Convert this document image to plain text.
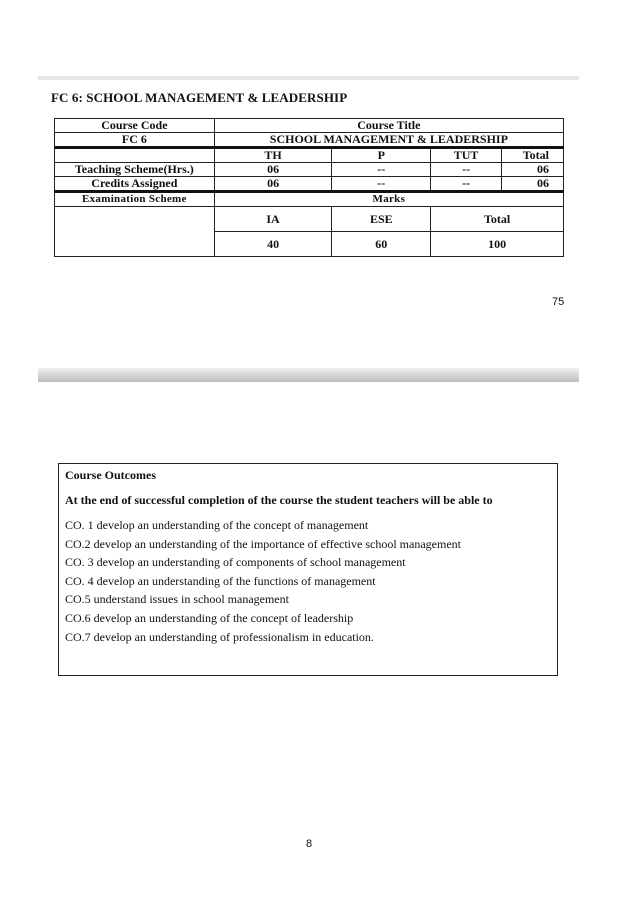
FC 6: SCHOOL MANAGEMENT & LEADERSHIP
Course Code	Course Title			
FC 6	SCHOOL MANAGEMENT & LEADERSHIP			
	TH	P	TUT	Total
Teaching Scheme(Hrs.)	06	--	--	06
Credits Assigned	06	--	--	06
Examination Scheme	Marks			
	IA	ESE	Total	
	40	60	100	
75
Course Outcomes
At the end of successful completion of the course the student teachers will be able to
CO. 1 develop an understanding of the concept of management
CO.2 develop an understanding of the importance of effective school management
CO. 3 develop an understanding of components of school management
CO. 4 develop an understanding of the functions of management
CO.5 understand issues in school management
CO.6 develop an understanding of the concept of leadership
CO.7 develop an understanding of professionalism in education.
8
